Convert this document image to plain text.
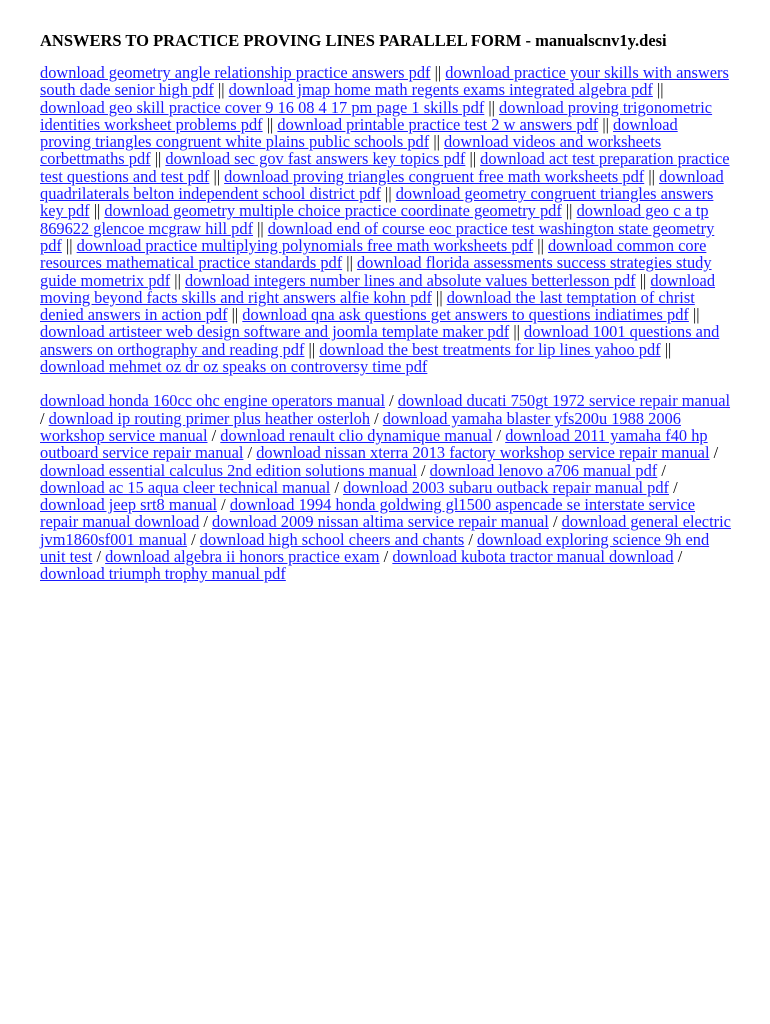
ANSWERS TO PRACTICE PROVING LINES PARALLEL FORM - manualscnv1y.desi

download geometry angle relationship practice answers pdf || download practice your skills with answers south dade senior high pdf || download jmap home math regents exams integrated algebra pdf || download geo skill practice cover 9 16 08 4 17 pm page 1 skills pdf || download proving trigonometric identities worksheet problems pdf || download printable practice test 2 w answers pdf || download proving triangles congruent white plains public schools pdf || download videos and worksheets corbettmaths pdf || download sec gov fast answers key topics pdf || download act test preparation practice test questions and test pdf || download proving triangles congruent free math worksheets pdf || download quadrilaterals belton independent school district pdf || download geometry congruent triangles answers key pdf || download geometry multiple choice practice coordinate geometry pdf || download geo c a tp 869622 glencoe mcgraw hill pdf || download end of course eoc practice test washington state geometry pdf || download practice multiplying polynomials free math worksheets pdf || download common core resources mathematical practice standards pdf || download florida assessments success strategies study guide mometrix pdf || download integers number lines and absolute values betterlesson pdf || download moving beyond facts skills and right answers alfie kohn pdf || download the last temptation of christ denied answers in action pdf || download qna ask questions get answers to questions indiatimes pdf || download artisteer web design software and joomla template maker pdf || download 1001 questions and answers on orthography and reading pdf || download the best treatments for lip lines yahoo pdf || download mehmet oz dr oz speaks on controversy time pdf

download honda 160cc ohc engine operators manual / download ducati 750gt 1972 service repair manual / download ip routing primer plus heather osterloh / download yamaha blaster yfs200u 1988 2006 workshop service manual / download renault clio dynamique manual / download 2011 yamaha f40 hp outboard service repair manual / download nissan xterra 2013 factory workshop service repair manual / download essential calculus 2nd edition solutions manual / download lenovo a706 manual pdf / download ac 15 aqua cleer technical manual / download 2003 subaru outback repair manual pdf / download jeep srt8 manual / download 1994 honda goldwing gl1500 aspencade se interstate service repair manual download / download 2009 nissan altima service repair manual / download general electric jvm1860sf001 manual / download high school cheers and chants / download exploring science 9h end unit test / download algebra ii honors practice exam / download kubota tractor manual download / download triumph trophy manual pdf
